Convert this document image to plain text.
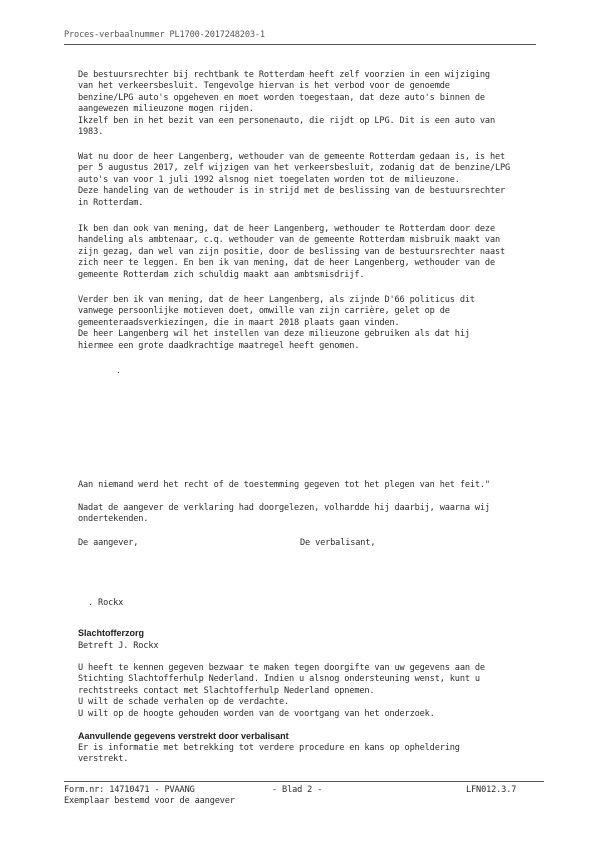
Proces-verbaalnummer PL1700-2017248203-1

De bestuursrechter bij rechtbank te Rotterdam heeft zelf voorzien in een wijziging
van het verkeersbesluit. Tengevolge hiervan is het verbod voor de genoemde
benzine/LPG auto's opgeheven en moet worden toegestaan, dat deze auto's binnen de
aangewezen milieuzone mogen rijden.
Ikzelf ben in het bezit van een personenauto, die rijdt op LPG. Dit is een auto van
1983.

Wat nu door de heer Langenberg, wethouder van de gemeente Rotterdam gedaan is, is het
per 5 augustus 2017, zelf wijzigen van het verkeersbesluit, zodanig dat de benzine/LPG
auto's van voor 1 juli 1992 alsnog niet toegelaten worden tot de milieuzone.
Deze handeling van de wethouder is in strijd met de beslissing van de bestuursrechter
in Rotterdam.

Ik ben dan ook van mening, dat de heer Langenberg, wethouder te Rotterdam door deze
handeling als ambtenaar, c.q. wethouder van de gemeente Rotterdam misbruik maakt van
zijn gezag, dan wel van zijn positie, door de beslissing van de bestuursrechter naast
zich neer te leggen. En ben ik van mening, dat de heer Langenberg, wethouder van de
gemeente Rotterdam zich schuldig maakt aan ambtsmisdrijf.

Verder ben ik van mening, dat de heer Langenberg, als zijnde D'66 politicus dit
vanwege persoonlijke motieven doet, omwille van zijn carrière, gelet op de
gemeenteraadsverkiezingen, die in maart 2018 plaats gaan vinden.
De heer Langenberg wil het instellen van deze milieuzone gebruiken als dat hij
hiermee een grote daadkrachtige maatregel heeft genomen.

.

Aan niemand werd het recht of de toestemming gegeven tot het plegen van het feit."

Nadat de aangever de verklaring had doorgelezen, volhardde hij daarbij, waarna wij
ondertekenden.

De aangever,	De verbalisant,
. Rockx
Slachtofferzorg

Betreft J. Rockx

U heeft te kennen gegeven bezwaar te maken tegen doorgifte van uw gegevens aan de
Stichting Slachtofferhulp Nederland. Indien u alsnog ondersteuning wenst, kunt u
rechtstreeks contact met Slachtofferhulp Nederland opnemen.
U wilt de schade verhalen op de verdachte.
U wilt op de hoogte gehouden worden van de voortgang van het onderzoek.

Aanvullende gegevens verstrekt door verbalisant

Er is informatie met betrekking tot verdere procedure en kans op opheldering
verstrekt.

Form.nr: 14710471 - PVAANG
Exemplaar bestemd voor de aangever
- Blad 2 -	LFN012.3.7
